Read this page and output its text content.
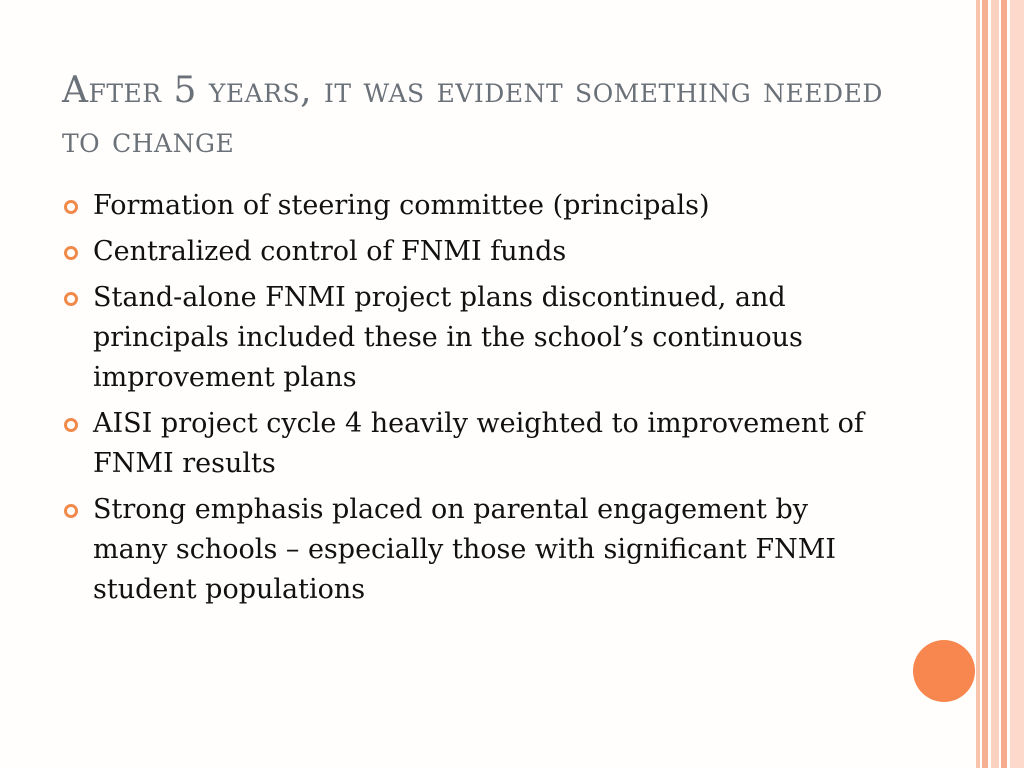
After 5 years, it was evident something needed to change
Formation of steering committee (principals)
Centralized control of FNMI funds
Stand-alone FNMI project plans discontinued, and principals included these in the school’s continuous improvement plans
AISI project cycle 4 heavily weighted to improvement of FNMI results
Strong emphasis placed on parental engagement by many schools – especially those with significant FNMI student populations
